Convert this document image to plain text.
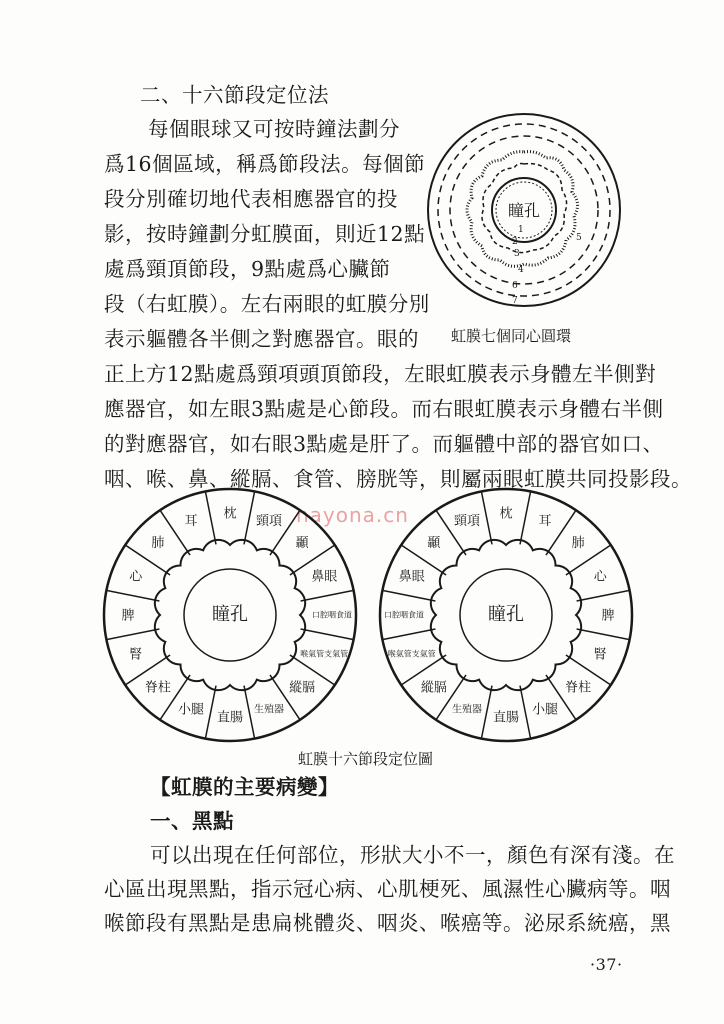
二、十六節段定位法
每個眼球又可按時鐘法劃分
爲16個區域，稱爲節段法。每個節
段分別確切地代表相應器官的投
影，按時鐘劃分虹膜面，則近12點
處爲頸頂節段，9點處爲心臟節
段（右虹膜）。左右兩眼的虹膜分別
表示軀體各半側之對應器官。眼的
正上方12點處爲頸項頭頂節段，左眼虹膜表示身體左半側對
應器官，如左眼3點處是心節段。而右眼虹膜表示身體右半側
的對應器官，如右眼3點處是肝了。而軀體中部的器官如口、
咽、喉、鼻、縱膈、食管、膀胱等，則屬兩眼虹膜共同投影段。
瞳孔
1
2
3
4
5
6
7
虹膜七個同心圓環
nayona.cn
耳
枕
頸項
顳
鼻眼
口腔咽食道
喉氣管支氣管
縱膈
生殖器
直腸
小腿
脊柱
腎
脾
心
肺
瞳孔
耳
枕
頸項
顳
鼻眼
口腔咽食道
喉氣管支氣管
縱膈
生殖器
直腸
小腿
脊柱
腎
脾
心
肺
瞳孔
虹膜十六節段定位圖
【虹膜的主要病變】
一、黑點
可以出現在任何部位，形狀大小不一，顏色有深有淺。在
心區出現黑點，指示冠心病、心肌梗死、風濕性心臟病等。咽
喉節段有黑點是患扁桃體炎、咽炎、喉癌等。泌尿系統癌，黑
·37·
